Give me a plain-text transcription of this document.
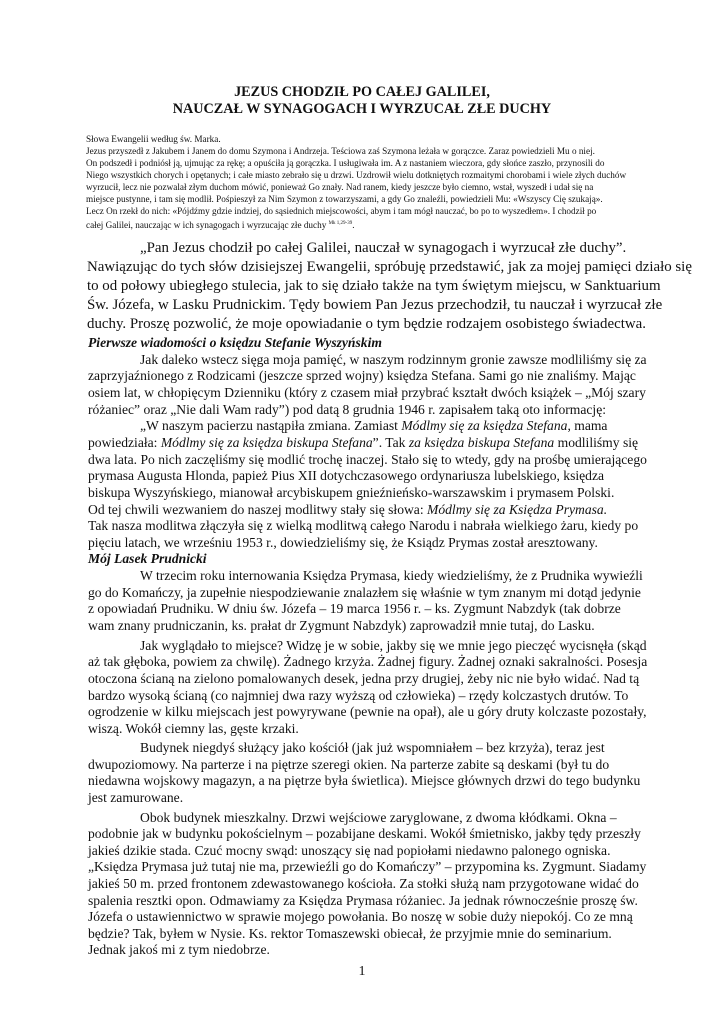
JEZUS CHODZIŁ PO CAŁEJ GALILEI,
NAUCZAŁ W SYNAGOGACH I WYRZUCAŁ ZŁE DUCHY
Słowa Ewangelii według św. Marka.
Jezus przyszedł z Jakubem i Janem do domu Szymona i Andrzeja. Teściowa zaś Szymona leżała w gorączce. Zaraz powiedzieli Mu o niej.
On podszedł i podniósł ją, ujmując za rękę; a opuściła ją gorączka. I usługiwała im. A z nastaniem wieczora, gdy słońce zaszło, przynosili do
Niego wszystkich chorych i opętanych; i całe miasto zebrało się u drzwi. Uzdrowił wielu dotkniętych rozmaitymi chorobami i wiele złych duchów
wyrzucił, lecz nie pozwalał złym duchom mówić, ponieważ Go znały. Nad ranem, kiedy jeszcze było ciemno, wstał, wyszedł i udał się na
miejsce pustynne, i tam się modlił. Pośpieszył za Nim Szymon z towarzyszami, a gdy Go znaleźli, powiedzieli Mu: «Wszyscy Cię szukają».
Lecz On rzekł do nich: «Pójdźmy gdzie indziej, do sąsiednich miejscowości, abym i tam mógł nauczać, bo po to wyszedłem». I chodził po
całej Galilei, nauczając w ich synagogach i wyrzucając złe duchy $^{Mk 1,29-39}$.
„Pan Jezus chodził po całej Galilei, nauczał w synagogach i wyrzucał złe duchy”.
Nawiązując do tych słów dzisiejszej Ewangelii, spróbuję przedstawić, jak za mojej pamięci działo się
to od połowy ubiegłego stulecia, jak to się działo także na tym świętym miejscu, w Sanktuarium
Św. Józefa, w Lasku Prudnickim. Tędy bowiem Pan Jezus przechodził, tu nauczał i wyrzucał złe
duchy. Proszę pozwolić, że moje opowiadanie o tym będzie rodzajem osobistego świadectwa.
Pierwsze wiadomości o księdzu Stefanie Wyszyńskim
Jak daleko wstecz sięga moja pamięć, w naszym rodzinnym gronie zawsze modliliśmy się za
zaprzyjaźnionego z Rodzicami (jeszcze sprzed wojny) księdza Stefana. Sami go nie znaliśmy. Mając
osiem lat, w chłopięcym Dzienniku (który z czasem miał przybrać kształt dwóch książek – „Mój szary
różaniec” oraz „Nie dali Wam rady”) pod datą 8 grudnia 1946 r. zapisałem taką oto informację:
„W naszym pacierzu nastąpiła zmiana. Zamiast Módlmy się za księdza Stefana, mama
powiedziała: Módlmy się za księdza biskupa Stefana”. Tak za księdza biskupa Stefana modliliśmy się
dwa lata. Po nich zaczęliśmy się modlić trochę inaczej. Stało się to wtedy, gdy na prośbę umierającego
prymasa Augusta Hlonda, papież Pius XII dotychczasowego ordynariusza lubelskiego, księdza
biskupa Wyszyńskiego, mianował arcybiskupem gnieźnieńsko-warszawskim i prymasem Polski.
Od tej chwili wezwaniem do naszej modlitwy stały się słowa: Módlmy się za Księdza Prymasa.
Tak nasza modlitwa złączyła się z wielką modlitwą całego Narodu i nabrała wielkiego żaru, kiedy po
pięciu latach, we wrześniu 1953 r., dowiedzieliśmy się, że Ksiądz Prymas został aresztowany.
Mój Lasek Prudnicki
W trzecim roku internowania Księdza Prymasa, kiedy wiedzieliśmy, że z Prudnika wywieźli
go do Komańczy, ja zupełnie niespodziewanie znalazłem się właśnie w tym znanym mi dotąd jedynie
z opowiadań Prudniku. W dniu św. Józefa – 19 marca 1956 r. – ks. Zygmunt Nabzdyk (tak dobrze
wam znany prudniczanin, ks. prałat dr Zygmunt Nabzdyk) zaprowadził mnie tutaj, do Lasku.
Jak wyglądało to miejsce? Widzę je w sobie, jakby się we mnie jego pieczęć wycisnęła (skąd
aż tak głęboka, powiem za chwilę). Żadnego krzyża. Żadnej figury. Żadnej oznaki sakralności. Posesja
otoczona ścianą na zielono pomalowanych desek, jedna przy drugiej, żeby nic nie było widać. Nad tą
bardzo wysoką ścianą (co najmniej dwa razy wyższą od człowieka) – rzędy kolczastych drutów. To
ogrodzenie w kilku miejscach jest powyrywane (pewnie na opał), ale u góry druty kolczaste pozostały,
wiszą. Wokół ciemny las, gęste krzaki.
Budynek niegdyś służący jako kościół (jak już wspomniałem – bez krzyża), teraz jest
dwupoziomowy. Na parterze i na piętrze szeregi okien. Na parterze zabite są deskami (był tu do
niedawna wojskowy magazyn, a na piętrze była świetlica). Miejsce głównych drzwi do tego budynku
jest zamurowane.
Obok budynek mieszkalny. Drzwi wejściowe zaryglowane, z dwoma kłódkami. Okna –
podobnie jak w budynku pokościelnym – pozabijane deskami. Wokół śmietnisko, jakby tędy przeszły
jakieś dzikie stada. Czuć mocny swąd: unoszący się nad popiołami niedawno palonego ogniska.
„Księdza Prymasa już tutaj nie ma, przewieźli go do Komańczy” – przypomina ks. Zygmunt. Siadamy
jakieś 50 m. przed frontonem zdewastowanego kościoła. Za stołki służą nam przygotowane widać do
spalenia resztki opon. Odmawiamy za Księdza Prymasa różaniec. Ja jednak równocześnie proszę św.
Józefa o ustawiennictwo w sprawie mojego powołania. Bo noszę w sobie duży niepokój. Co ze mną
będzie? Tak, byłem w Nysie. Ks. rektor Tomaszewski obiecał, że przyjmie mnie do seminarium.
Jednak jakoś mi z tym niedobrze.
1
